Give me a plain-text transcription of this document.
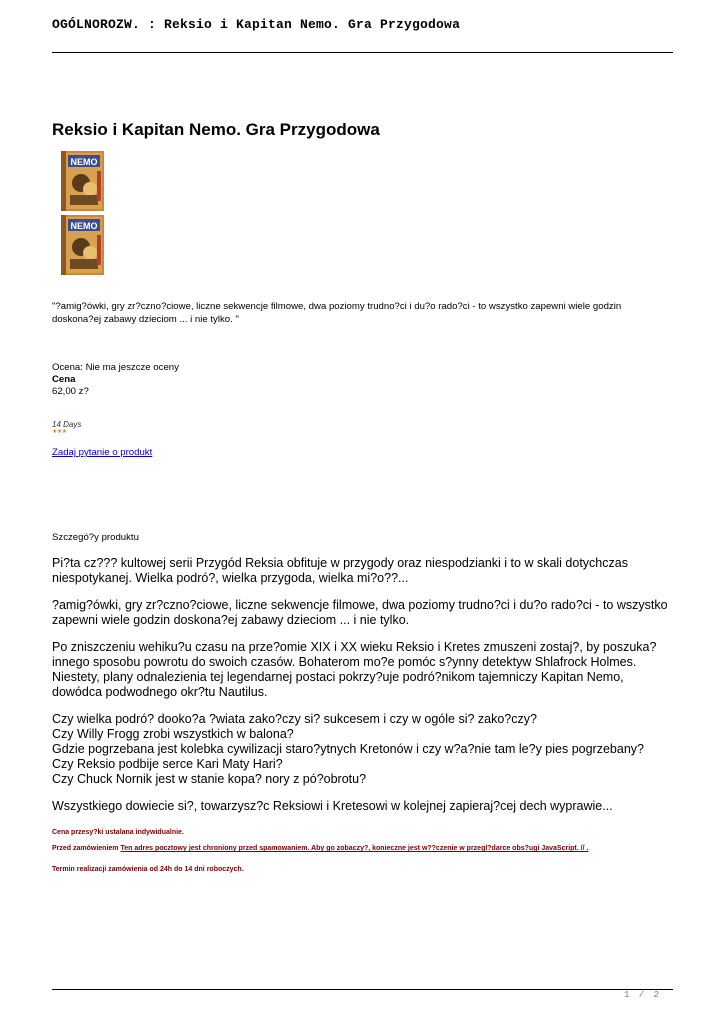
OGÓLNOROZW. : Reksio i Kapitan Nemo. Gra Przygodowa
Reksio i Kapitan Nemo. Gra Przygodowa
NEMO
NEMO
"?amig?ówki, gry zr?czno?ciowe, liczne sekwencje filmowe, dwa poziomy trudno?ci i du?o rado?ci - to wszystko zapewni wiele godzin doskona?ej zabawy dzieciom ... i nie tylko. "
Ocena: Nie ma jeszcze oceny
Cena
62,00 z?
14 Days
★★★
Zadaj pytanie o produkt
Szczegó?y produktu

Pi?ta cz??? kultowej serii Przygód Reksia obfituje w przygody oraz niespodzianki i to w skali dotychczas niespotykanej. Wielka podró?, wielka przygoda, wielka mi?o??...

?amig?ówki, gry zr?czno?ciowe, liczne sekwencje filmowe, dwa poziomy trudno?ci i du?o rado?ci - to wszystko zapewni wiele godzin doskona?ej zabawy dzieciom ... i nie tylko.

Po zniszczeniu wehiku?u czasu na prze?omie XIX i XX wieku Reksio i Kretes zmuszeni zostaj?, by poszuka? innego sposobu powrotu do swoich czasów. Bohaterom mo?e pomóc s?ynny detektyw Shlafrock Holmes. Niestety, plany odnalezienia tej legendarnej postaci pokrzy?uje podró?nikom tajemniczy Kapitan Nemo, dowódca podwodnego okr?tu Nautilus.

Czy wielka podró? dooko?a ?wiata zako?czy si? sukcesem i czy w ogóle si? zako?czy?
Czy Willy Frogg zrobi wszystkich w balona?
Gdzie pogrzebana jest kolebka cywilizacji staro?ytnych Kretonów i czy w?a?nie tam le?y pies pogrzebany?
Czy Reksio podbije serce Kari Maty Hari?
Czy Chuck Nornik jest w stanie kopa? nory z pó?obrotu?

Wszystkiego dowiecie si?, towarzysz?c Reksiowi i Kretesowi w kolejnej zapieraj?cej dech wyprawie...

Cena przesy?ki ustalana indywidualnie.
Przed zamówieniem Ten adres pocztowy jest chroniony przed spamowaniem. Aby go zobaczy?, konieczne jest w??czenie w przegl?darce obs?ugi JavaScript. // .
Termin realizacji zamówienia od 24h do 14 dni roboczych.
1 / 2
